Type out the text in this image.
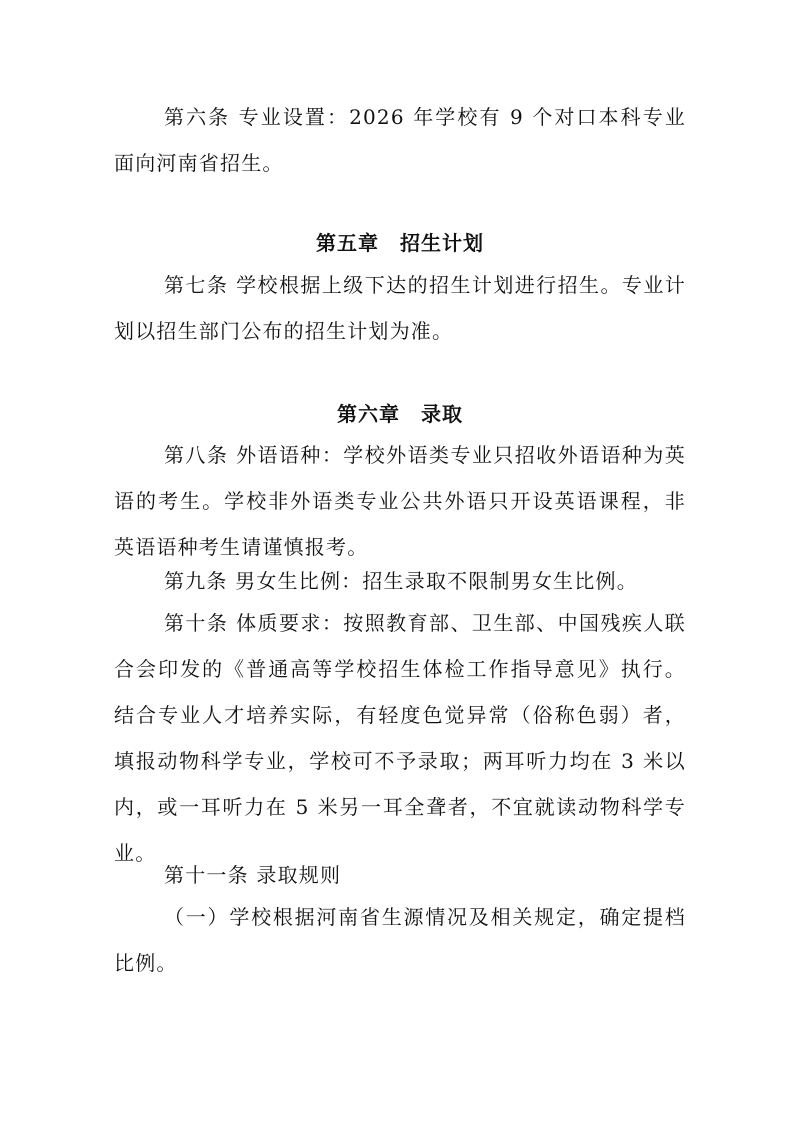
第六条 专业设置：2026 年学校有 9 个对口本科专业面向河南省招生。

第五章　招生计划

第七条 学校根据上级下达的招生计划进行招生。专业计划以招生部门公布的招生计划为准。

第六章　录取

第八条 外语语种：学校外语类专业只招收外语语种为英语的考生。学校非外语类专业公共外语只开设英语课程，非英语语种考生请谨慎报考。

第九条 男女生比例：招生录取不限制男女生比例。

第十条 体质要求：按照教育部、卫生部、中国残疾人联合会印发的《普通高等学校招生体检工作指导意见》执行。结合专业人才培养实际，有轻度色觉异常（俗称色弱）者，填报动物科学专业，学校可不予录取；两耳听力均在 3 米以内，或一耳听力在 5 米另一耳全聋者，不宜就读动物科学专业。

第十一条 录取规则

（一）学校根据河南省生源情况及相关规定，确定提档比例。
